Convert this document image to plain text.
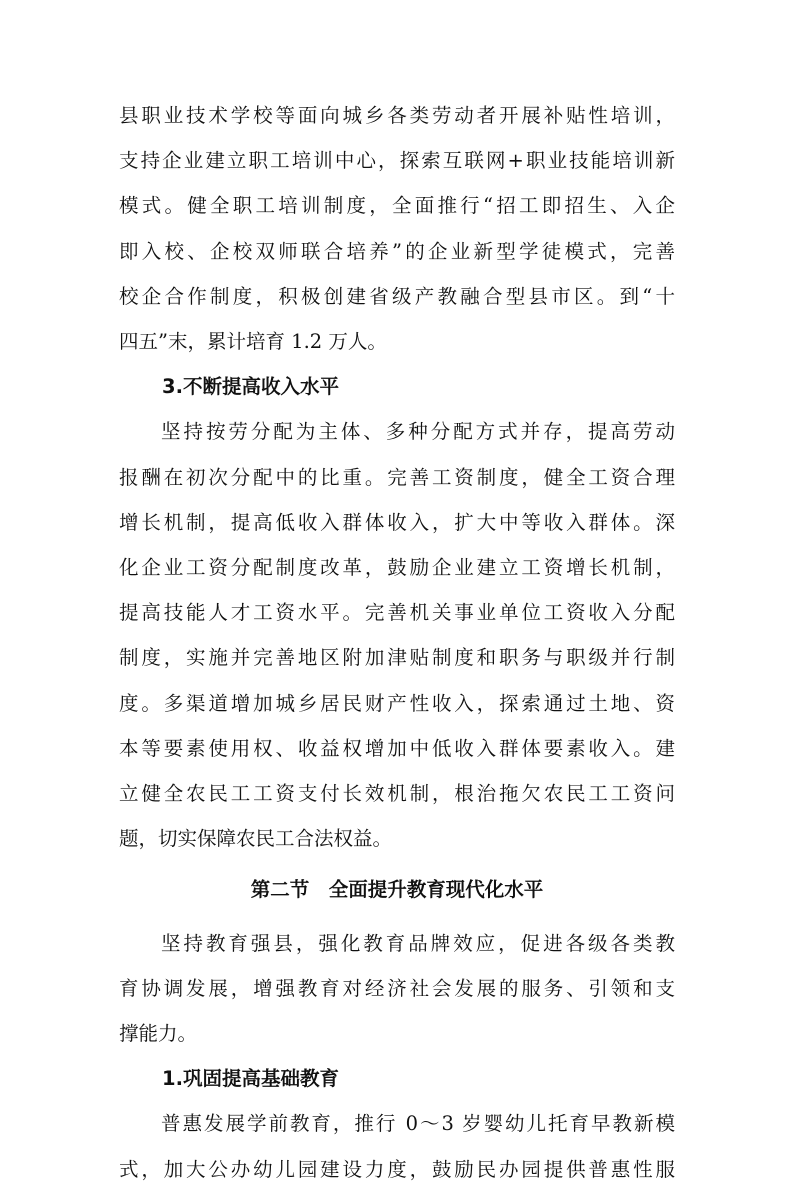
县职业技术学校等面向城乡各类劳动者开展补贴性培训，
支持企业建立职工培训中心，探索互联网+职业技能培训新
模式。健全职工培训制度，全面推行“招工即招生、入企
即入校、企校双师联合培养”的企业新型学徒模式，完善
校企合作制度，积极创建省级产教融合型县市区。到“十
四五”末，累计培育 1.2 万人。
3.不断提高收入水平
坚持按劳分配为主体、多种分配方式并存，提高劳动
报酬在初次分配中的比重。完善工资制度，健全工资合理
增长机制，提高低收入群体收入，扩大中等收入群体。深
化企业工资分配制度改革，鼓励企业建立工资增长机制，
提高技能人才工资水平。完善机关事业单位工资收入分配
制度，实施并完善地区附加津贴制度和职务与职级并行制
度。多渠道增加城乡居民财产性收入，探索通过土地、资
本等要素使用权、收益权增加中低收入群体要素收入。建
立健全农民工工资支付长效机制，根治拖欠农民工工资问
题，切实保障农民工合法权益。
第二节　全面提升教育现代化水平
坚持教育强县，强化教育品牌效应，促进各级各类教
育协调发展，增强教育对经济社会发展的服务、引领和支
撑能力。
1.巩固提高基础教育
普惠发展学前教育，推行 0～3 岁婴幼儿托育早教新模
式，加大公办幼儿园建设力度，鼓励民办园提供普惠性服
